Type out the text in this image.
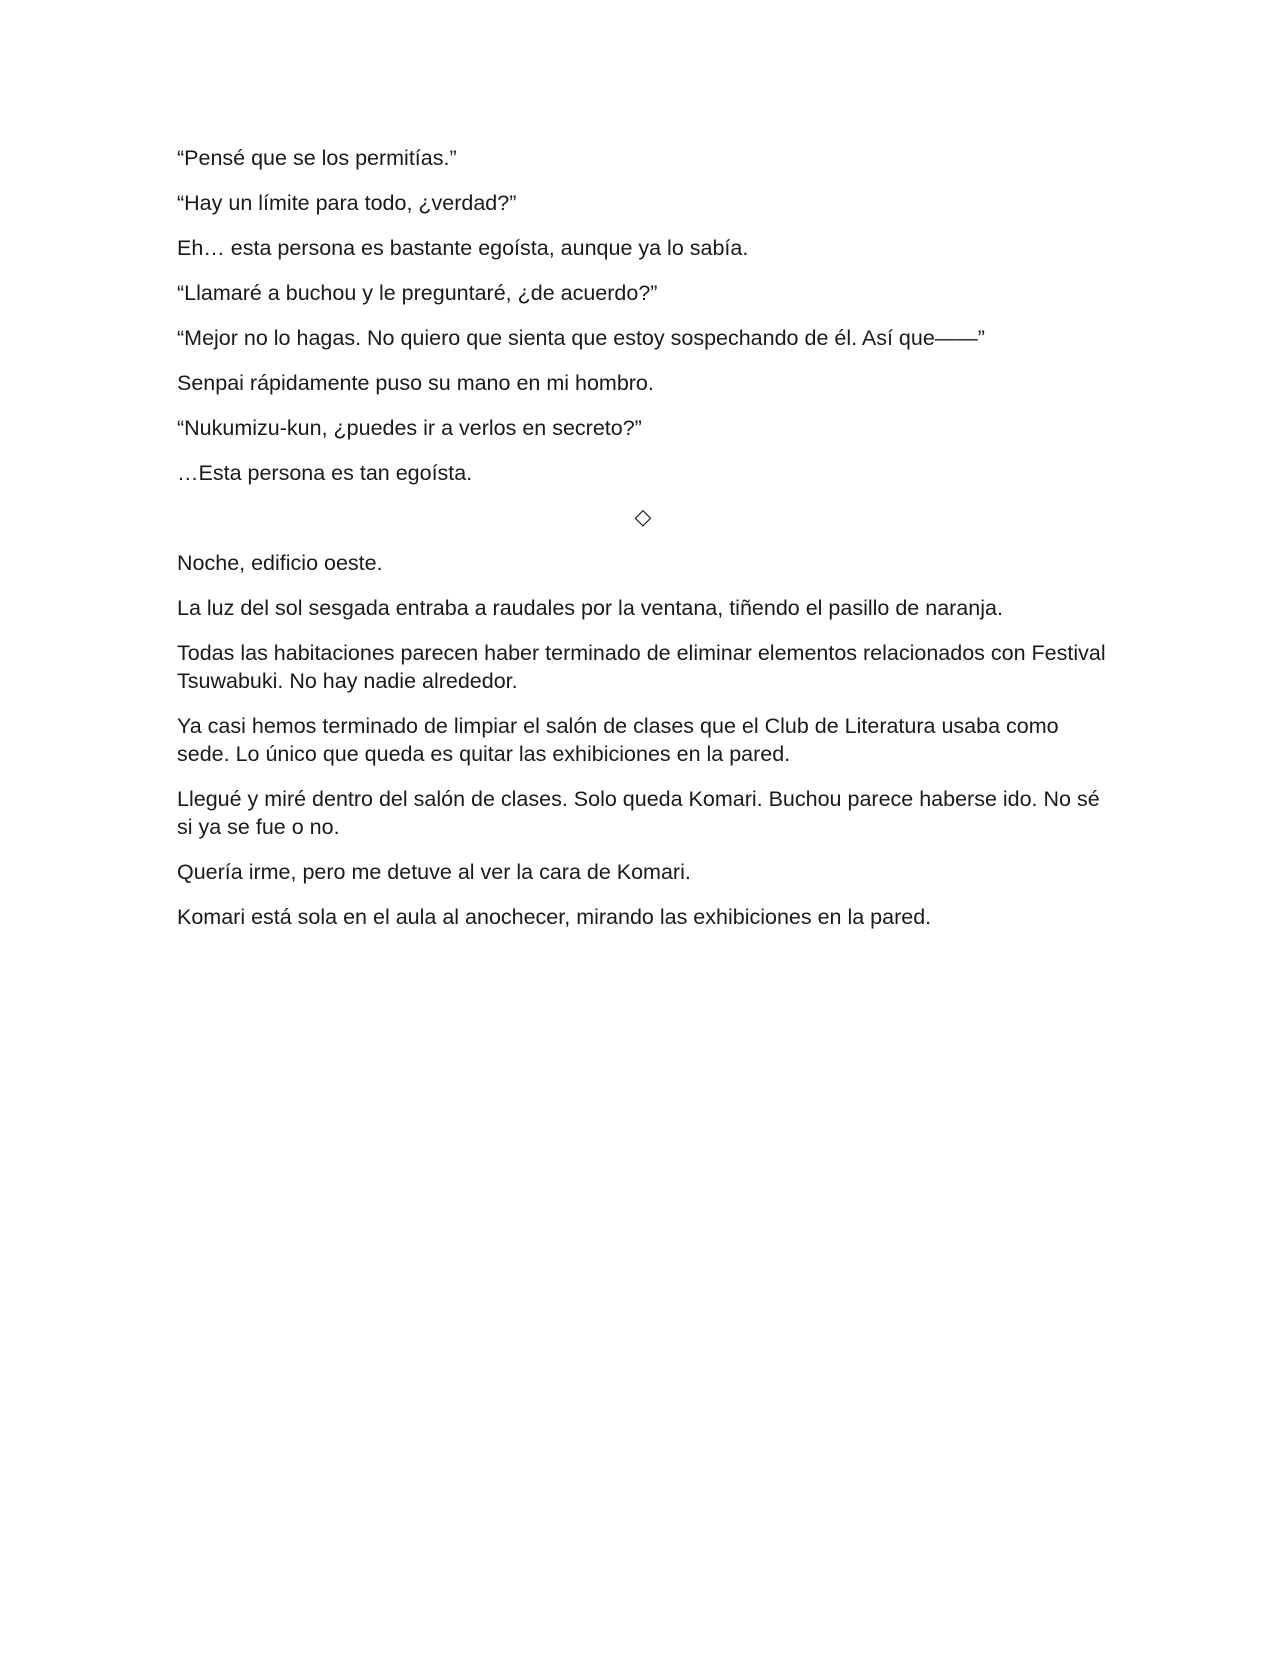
“Pensé que se los permitías.”

“Hay un límite para todo, ¿verdad?”

Eh… esta persona es bastante egoísta, aunque ya lo sabía.

“Llamaré a buchou y le preguntaré, ¿de acuerdo?”

“Mejor no lo hagas. No quiero que sienta que estoy sospechando de él. Así que——”

Senpai rápidamente puso su mano en mi hombro.

“Nukumizu-kun, ¿puedes ir a verlos en secreto?”

…Esta persona es tan egoísta.

◇

Noche, edificio oeste.

La luz del sol sesgada entraba a raudales por la ventana, tiñendo el pasillo de naranja.

Todas las habitaciones parecen haber terminado de eliminar elementos relacionados con Festival Tsuwabuki. No hay nadie alrededor.

Ya casi hemos terminado de limpiar el salón de clases que el Club de Literatura usaba como sede. Lo único que queda es quitar las exhibiciones en la pared.

Llegué y miré dentro del salón de clases. Solo queda Komari. Buchou parece haberse ido. No sé si ya se fue o no.

Quería irme, pero me detuve al ver la cara de Komari.

Komari está sola en el aula al anochecer, mirando las exhibiciones en la pared.
